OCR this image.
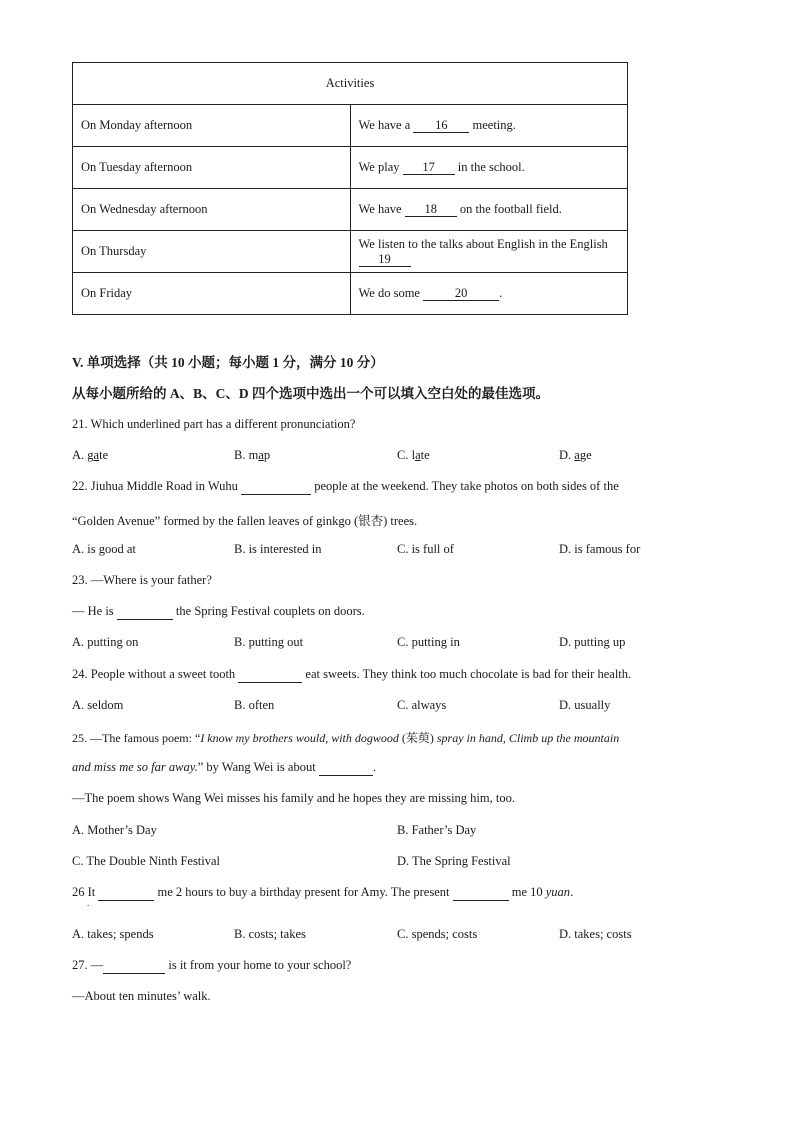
Activities	
On Monday afternoon	We have a 16 meeting.
On Tuesday afternoon	We play 17 in the school.
On Wednesday afternoon	We have 18 on the football field.
On Thursday	We listen to the talks about English in the English 19
On Friday	We do some 20 .
V. 单项选择（共 10 小题；每小题 1 分，满分 10 分）
从每小题所给的 A、B、C、D 四个选项中选出一个可以填入空白处的最佳选项。
21. Which underlined part has a different pronunciation?
A. gate	B. map	C. late	D. age
22. Jiuhua Middle Road in Wuhu	people at the weekend. They take photos on both sides of the
“Golden Avenue” formed by the fallen leaves of ginkgo (银杏) trees.
A. is good at	B. is interested in	C. is full of	D. is famous for
23. —Where is your father?
— He is	the Spring Festival couplets on doors.
A. putting on	B. putting out	C. putting in	D. putting up
24. People without a sweet tooth	eat sweets. They think too much chocolate is bad for their health.
A. seldom	B. often	C. always	D. usually
25. —The famous poem: “I know my brothers would, with dogwood (茱萸) spray in hand, Climb up the mountain
and miss me so far away.” by Wang Wei is about	.
—The poem shows Wang Wei misses his family and he hopes they are missing him, too.
A. Mother’s Day	B. Father’s Day
C. The Double Ninth Festival	D. The Spring Festival
26 It	me 2 hours to buy a birthday present for Amy. The present	me 10 yuan.
.
A. takes; spends	B. costs; takes	C. spends; costs	D. takes; costs
27. —	is it from your home to your school?
—About ten minutes’ walk.
